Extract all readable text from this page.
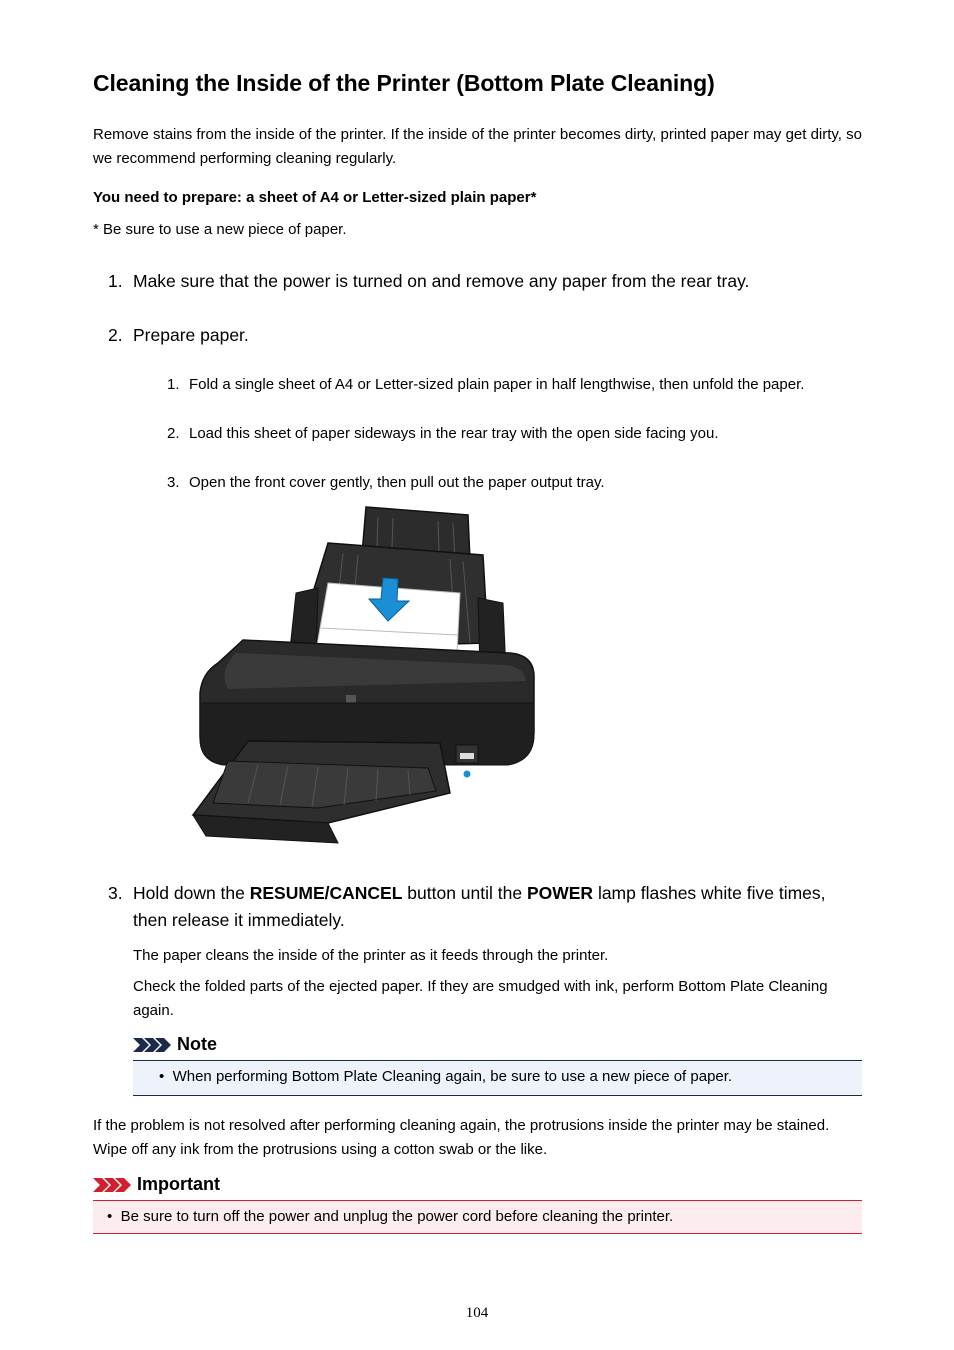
Cleaning the Inside of the Printer (Bottom Plate Cleaning)

Remove stains from the inside of the printer. If the inside of the printer becomes dirty, printed paper may get dirty, so we recommend performing cleaning regularly.

You need to prepare: a sheet of A4 or Letter-sized plain paper*

* Be sure to use a new piece of paper.

1. Make sure that the power is turned on and remove any paper from the rear tray.
2. Prepare paper.
1. Fold a single sheet of A4 or Letter-sized plain paper in half lengthwise, then unfold the paper.
2. Load this sheet of paper sideways in the rear tray with the open side facing you.
3. Open the front cover gently, then pull out the paper output tray.
3. Hold down the RESUME/CANCEL button until the POWER lamp flashes white five times, then release it immediately.

The paper cleans the inside of the printer as it feeds through the printer.

Check the folded parts of the ejected paper. If they are smudged with ink, perform Bottom Plate Cleaning again.

Note
•  When performing Bottom Plate Cleaning again, be sure to use a new piece of paper.

If the problem is not resolved after performing cleaning again, the protrusions inside the printer may be stained. Wipe off any ink from the protrusions using a cotton swab or the like.

Important
•  Be sure to turn off the power and unplug the power cord before cleaning the printer.
104
